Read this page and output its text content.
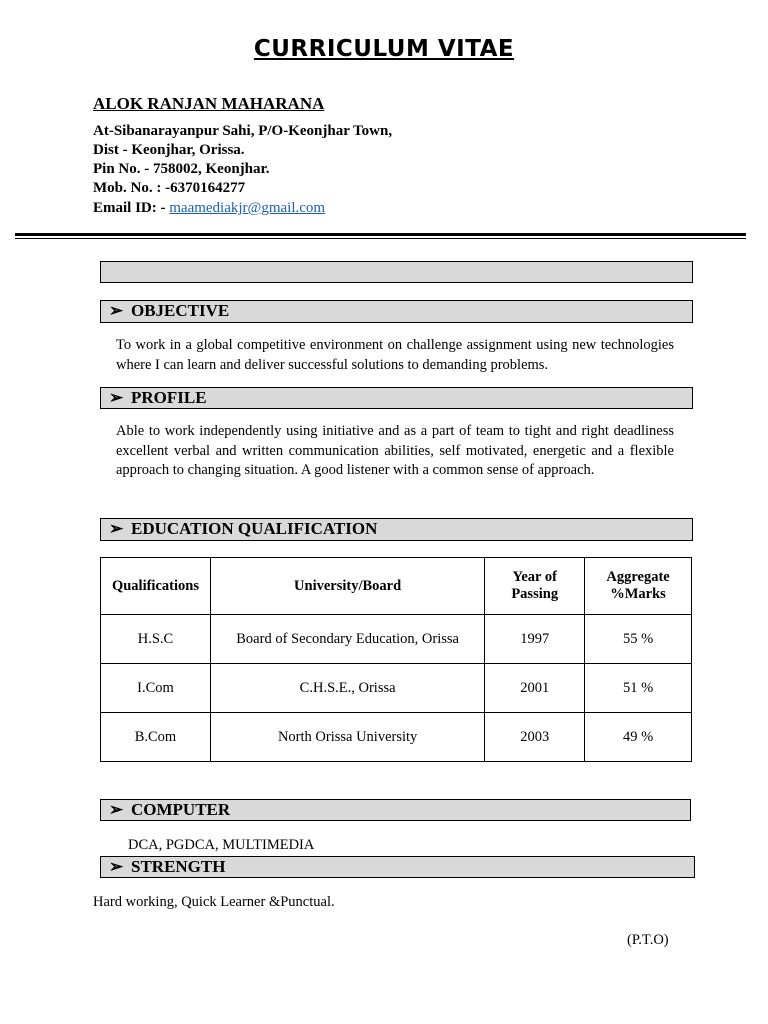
CURRICULUM VITAE
ALOK RANJAN MAHARANA
At-Sibanarayanpur Sahi, P/O-Keonjhar Town,
Dist - Keonjhar, Orissa.
Pin No. - 758002, Keonjhar.
Mob. No. : -6370164277
Email ID: - maamediakjr@gmail.com
➢ OBJECTIVE
To work in a global competitive environment on challenge assignment using new technologies where I can learn and deliver successful solutions to demanding problems.
➢ PROFILE
Able to work independently using initiative and as a part of team to tight and right deadliness excellent verbal and written communication abilities, self motivated, energetic and a flexible approach to changing situation. A good listener with a common sense of approach.
➢ EDUCATION QUALIFICATION
Qualifications	University/Board	Year of Passing	Aggregate %Marks
H.S.C	Board of Secondary Education, Orissa	1997	55 %
I.Com	C.H.S.E., Orissa	2001	51 %
B.Com	North Orissa University	2003	49 %
➢ COMPUTER
DCA, PGDCA, MULTIMEDIA
➢ STRENGTH
Hard working, Quick Learner &Punctual.
(P.T.O)
